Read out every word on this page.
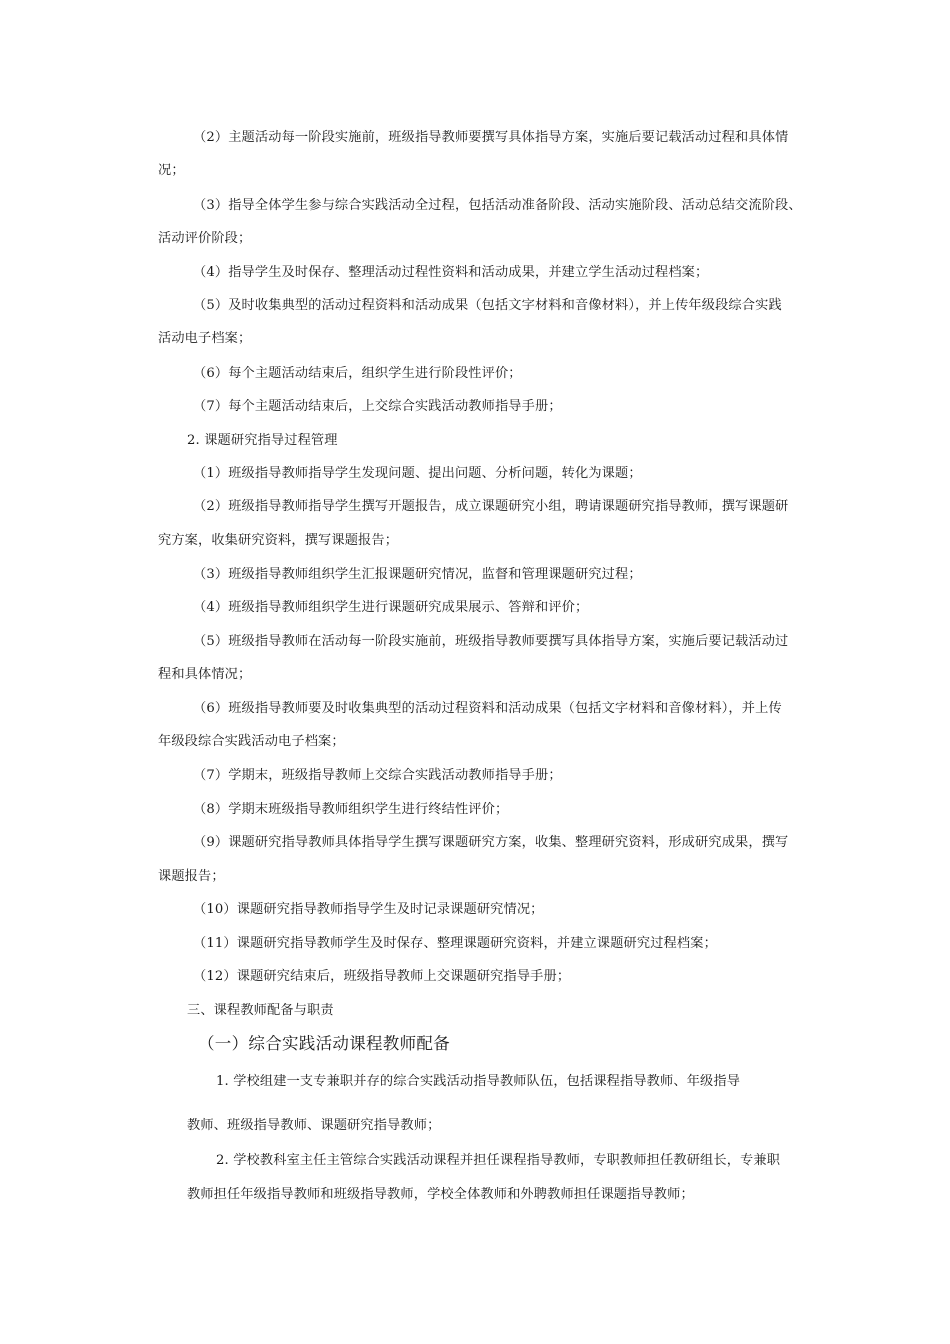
（2）主题活动每一阶段实施前，班级指导教师要撰写具体指导方案，实施后要记载活动过程和具体情
况；
（3）指导全体学生参与综合实践活动全过程，包括活动准备阶段、活动实施阶段、活动总结交流阶段、
活动评价阶段；
（4）指导学生及时保存、整理活动过程性资料和活动成果，并建立学生活动过程档案；
（5）及时收集典型的活动过程资料和活动成果（包括文字材料和音像材料），并上传年级段综合实践
活动电子档案；
（6）每个主题活动结束后，组织学生进行阶段性评价；
（7）每个主题活动结束后，上交综合实践活动教师指导手册；
2. 课题研究指导过程管理
（1）班级指导教师指导学生发现问题、提出问题、分析问题，转化为课题；
（2）班级指导教师指导学生撰写开题报告，成立课题研究小组，聘请课题研究指导教师，撰写课题研
究方案，收集研究资料，撰写课题报告；
（3）班级指导教师组织学生汇报课题研究情况，监督和管理课题研究过程；
（4）班级指导教师组织学生进行课题研究成果展示、答辩和评价；
（5）班级指导教师在活动每一阶段实施前，班级指导教师要撰写具体指导方案，实施后要记载活动过
程和具体情况；
（6）班级指导教师要及时收集典型的活动过程资料和活动成果（包括文字材料和音像材料），并上传
年级段综合实践活动电子档案；
（7）学期末，班级指导教师上交综合实践活动教师指导手册；
（8）学期末班级指导教师组织学生进行终结性评价；
（9）课题研究指导教师具体指导学生撰写课题研究方案，收集、整理研究资料，形成研究成果，撰写
课题报告；
（10）课题研究指导教师指导学生及时记录课题研究情况；
（11）课题研究指导教师学生及时保存、整理课题研究资料，并建立课题研究过程档案；
（12）课题研究结束后，班级指导教师上交课题研究指导手册；
三、课程教师配备与职责
（一）综合实践活动课程教师配备
1. 学校组建一支专兼职并存的综合实践活动指导教师队伍，包括课程指导教师、年级指导
教师、班级指导教师、课题研究指导教师；
2. 学校教科室主任主管综合实践活动课程并担任课程指导教师，专职教师担任教研组长，专兼职
教师担任年级指导教师和班级指导教师，学校全体教师和外聘教师担任课题指导教师；
